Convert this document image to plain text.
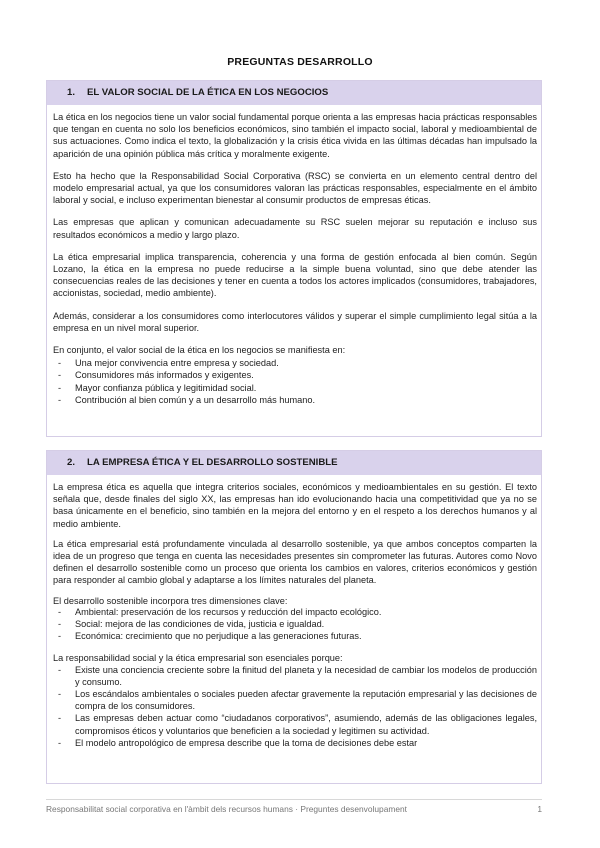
PREGUNTAS DESARROLLO
1. EL VALOR SOCIAL DE LA ÉTICA EN LOS NEGOCIOS

La ética en los negocios tiene un valor social fundamental porque orienta a las empresas hacia prácticas responsables que tengan en cuenta no solo los beneficios económicos, sino también el impacto social, laboral y medioambiental de sus actuaciones. Como indica el texto, la globalización y la crisis ética vivida en las últimas décadas han impulsado la aparición de una opinión pública más crítica y moralmente exigente.

Esto ha hecho que la Responsabilidad Social Corporativa (RSC) se convierta en un elemento central dentro del modelo empresarial actual, ya que los consumidores valoran las prácticas responsables, especialmente en el ámbito laboral y social, e incluso experimentan bienestar al consumir productos de empresas éticas.

Las empresas que aplican y comunican adecuadamente su RSC suelen mejorar su reputación e incluso sus resultados económicos a medio y largo plazo.

La ética empresarial implica transparencia, coherencia y una forma de gestión enfocada al bien común. Según Lozano, la ética en la empresa no puede reducirse a la simple buena voluntad, sino que debe atender las consecuencias reales de las decisiones y tener en cuenta a todos los actores implicados (consumidores, trabajadores, accionistas, sociedad, medio ambiente).

Además, considerar a los consumidores como interlocutores válidos y superar el simple cumplimiento legal sitúa a la empresa en un nivel moral superior.

En conjunto, el valor social de la ética en los negocios se manifiesta en:

- Una mejor convivencia entre empresa y sociedad.
- Consumidores más informados y exigentes.
- Mayor confianza pública y legitimidad social.
- Contribución al bien común y a un desarrollo más humano.
2. LA EMPRESA ÉTICA Y EL DESARROLLO SOSTENIBLE

La empresa ética es aquella que integra criterios sociales, económicos y medioambientales en su gestión. El texto señala que, desde finales del siglo XX, las empresas han ido evolucionando hacia una competitividad que ya no se basa únicamente en el beneficio, sino también en la mejora del entorno y en el respeto a los derechos humanos y al medio ambiente.

La ética empresarial está profundamente vinculada al desarrollo sostenible, ya que ambos conceptos comparten la idea de un progreso que tenga en cuenta las necesidades presentes sin comprometer las futuras. Autores como Novo definen el desarrollo sostenible como un proceso que orienta los cambios en valores, criterios económicos y gestión para responder al cambio global y adaptarse a los límites naturales del planeta.

El desarrollo sostenible incorpora tres dimensiones clave:

- Ambiental: preservación de los recursos y reducción del impacto ecológico.
- Social: mejora de las condiciones de vida, justicia e igualdad.
- Económica: crecimiento que no perjudique a las generaciones futuras.

La responsabilidad social y la ética empresarial son esenciales porque:

- Existe una conciencia creciente sobre la finitud del planeta y la necesidad de cambiar los modelos de producción y consumo.
- Los escándalos ambientales o sociales pueden afectar gravemente la reputación empresarial y las decisiones de compra de los consumidores.
- Las empresas deben actuar como “ciudadanos corporativos”, asumiendo, además de las obligaciones legales, compromisos éticos y voluntarios que beneficien a la sociedad y legitimen su actividad.
- El modelo antropológico de empresa describe que la toma de decisiones debe estar
Responsabilitat social corporativa en l'àmbit dels recursos humans · Preguntes desenvolupament	1
